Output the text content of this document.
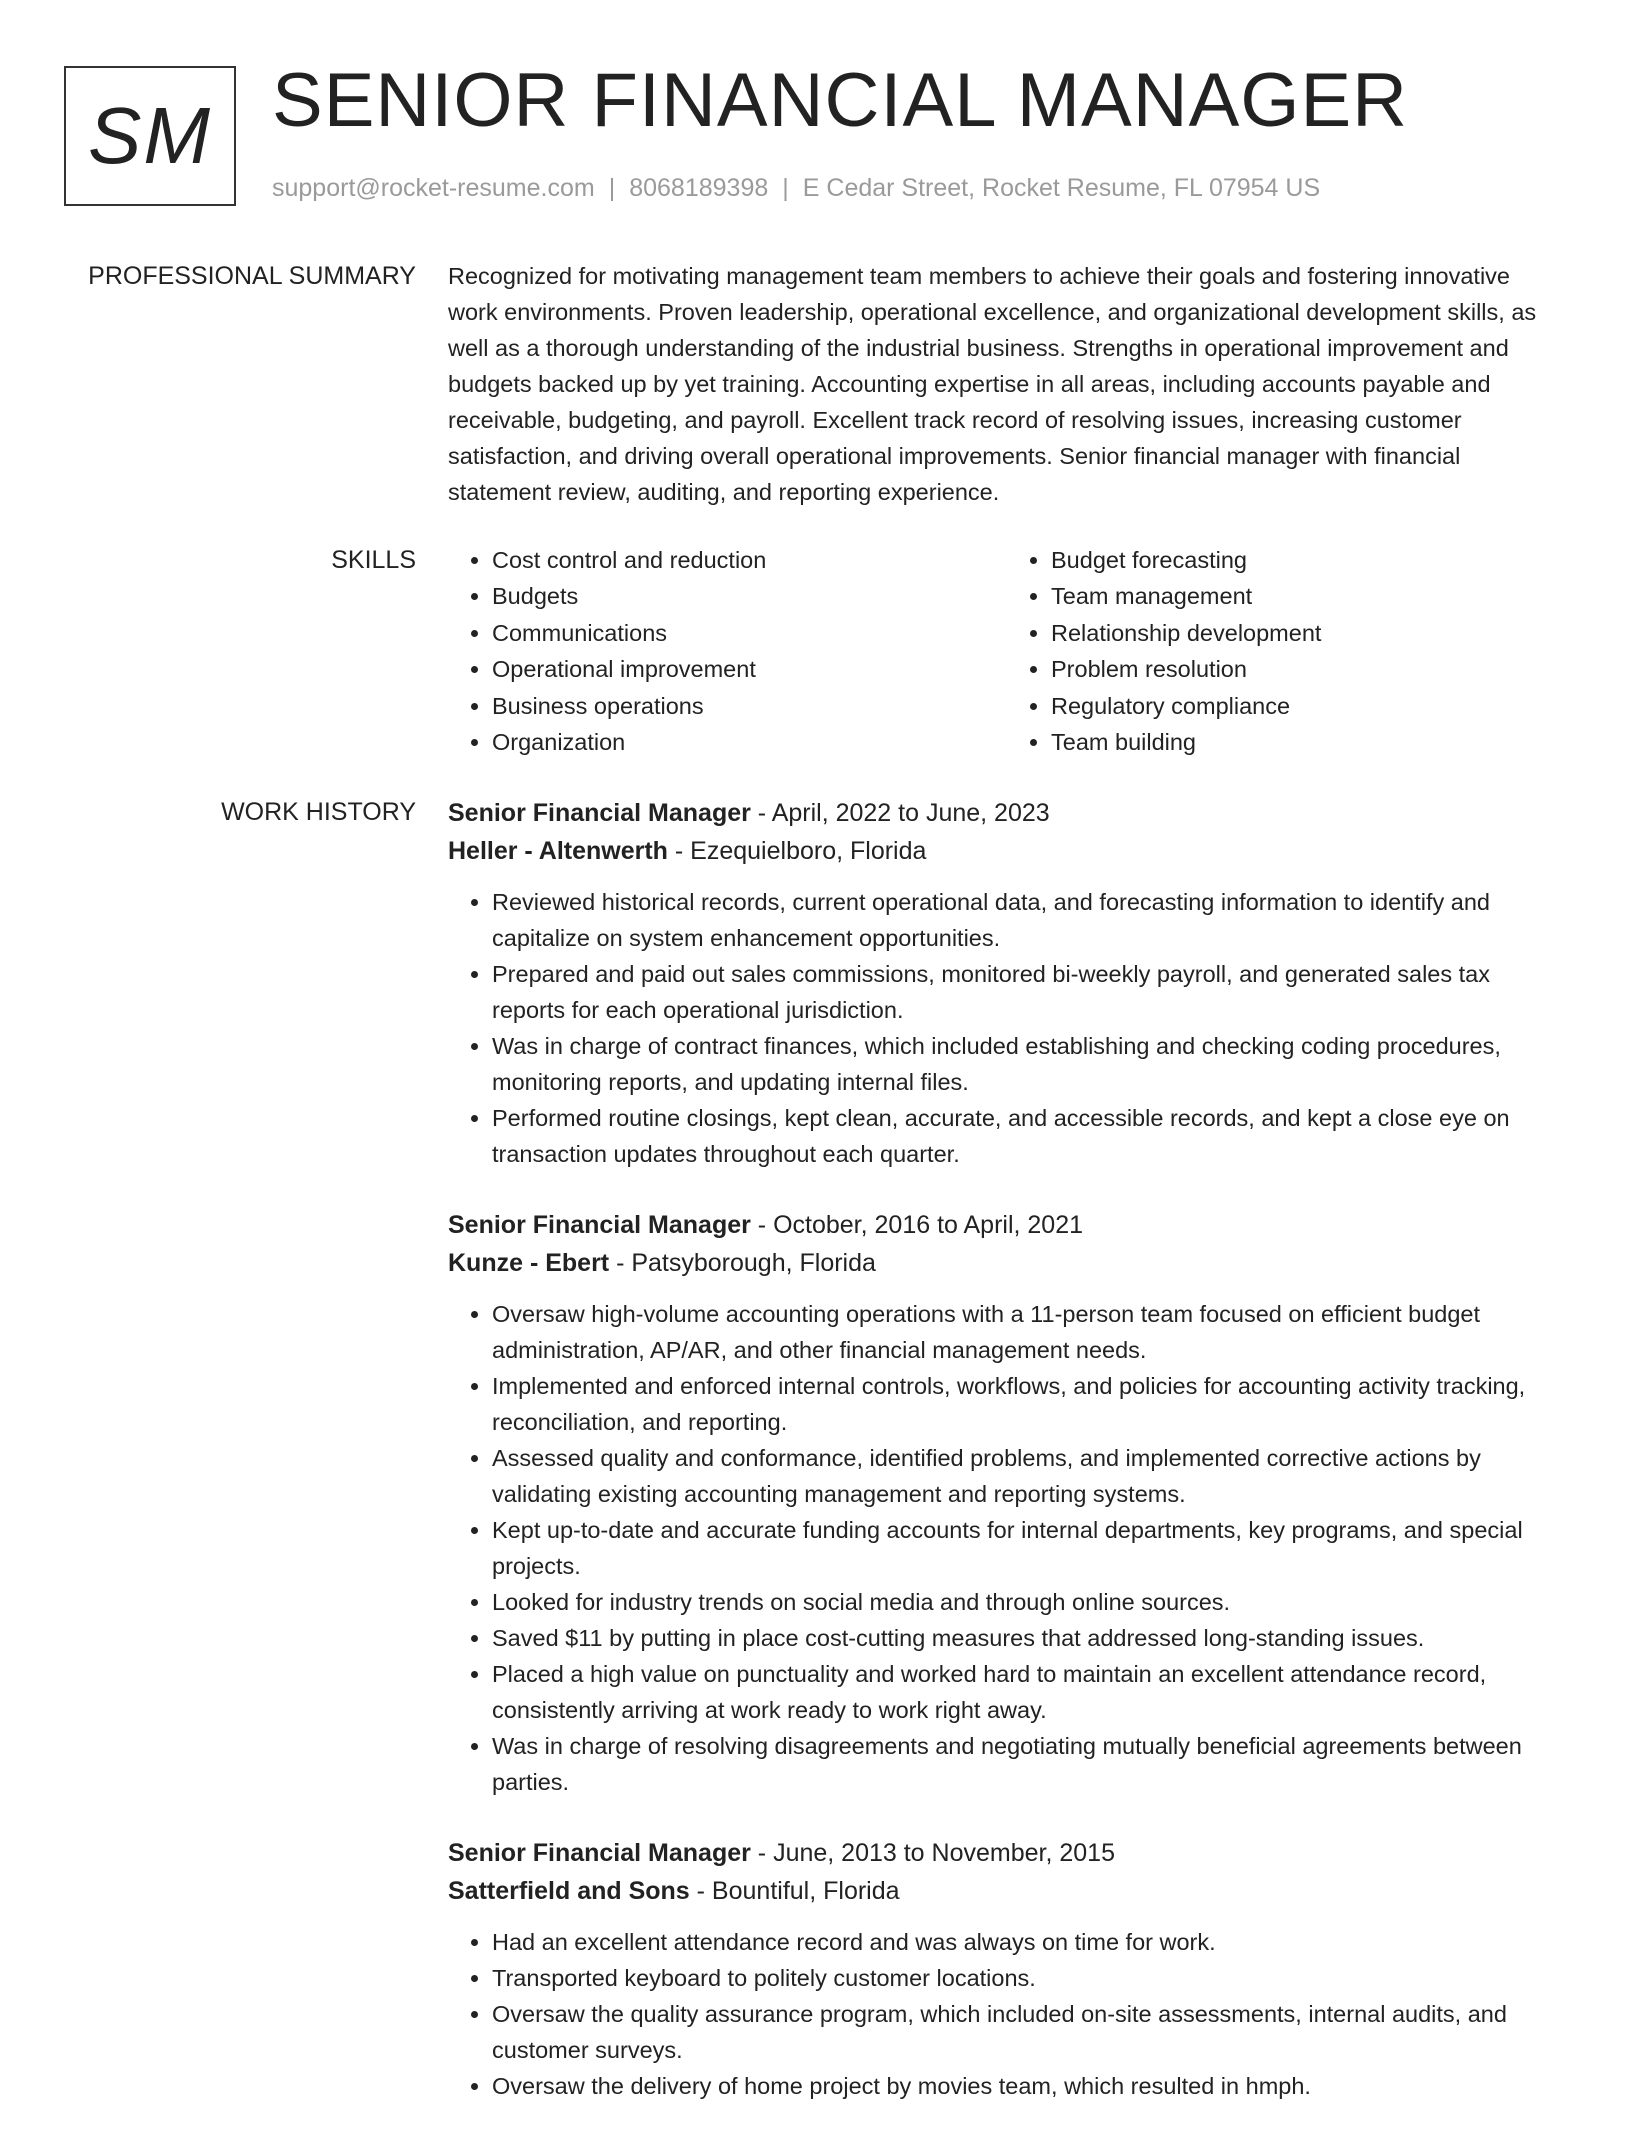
SM SENIOR FINANCIAL MANAGER
support@rocket-resume.com | 8068189398 | E Cedar Street, Rocket Resume, FL 07954 US
PROFESSIONAL SUMMARY Recognized for motivating management team members to achieve their goals and fostering innovative work environments. Proven leadership, operational excellence, and organizational development skills, as well as a thorough understanding of the industrial business. Strengths in operational improvement and budgets backed up by yet training. Accounting expertise in all areas, including accounts payable and receivable, budgeting, and payroll. Excellent track record of resolving issues, increasing customer satisfaction, and driving overall operational improvements. Senior financial manager with financial statement review, auditing, and reporting experience.

SKILLS
•	Cost control and reduction
• Budgets
• Communications
• Operational improvement
• Business operations
• Organization
• Budget forecasting
• Team management
• Relationship development
• Problem resolution
• Regulatory compliance
• Team building
WORK HISTORY Senior Financial Manager - April, 2022 to June, 2023
Heller - Altenwerth - Ezequielboro, Florida
• Reviewed historical records, current operational data, and forecasting information to identify and capitalize on system enhancement opportunities.
• Prepared and paid out sales commissions, monitored bi-weekly payroll, and generated sales tax reports for each operational jurisdiction.
• Was in charge of contract finances, which included establishing and checking coding procedures, monitoring reports, and updating internal files.
• Performed routine closings, kept clean, accurate, and accessible records, and kept a close eye on transaction updates throughout each quarter.
Senior Financial Manager - October, 2016 to April, 2021
Kunze - Ebert - Patsyborough, Florida
• Oversaw high-volume accounting operations with a 11-person team focused on efficient budget administration, AP/AR, and other financial management needs.
• Implemented and enforced internal controls, workflows, and policies for accounting activity tracking, reconciliation, and reporting.
• Assessed quality and conformance, identified problems, and implemented corrective actions by validating existing accounting management and reporting systems.
• Kept up-to-date and accurate funding accounts for internal departments, key programs, and special projects.
• Looked for industry trends on social media and through online sources.
• Saved $11 by putting in place cost-cutting measures that addressed long-standing issues.
• Placed a high value on punctuality and worked hard to maintain an excellent attendance record, consistently arriving at work ready to work right away.
• Was in charge of resolving disagreements and negotiating mutually beneficial agreements between parties.
Senior Financial Manager - June, 2013 to November, 2015
Satterfield and Sons - Bountiful, Florida
• Had an excellent attendance record and was always on time for work.
• Transported keyboard to politely customer locations.
• Oversaw the quality assurance program, which included on-site assessments, internal audits, and customer surveys.
• Oversaw the delivery of home project by movies team, which resulted in hmph.
